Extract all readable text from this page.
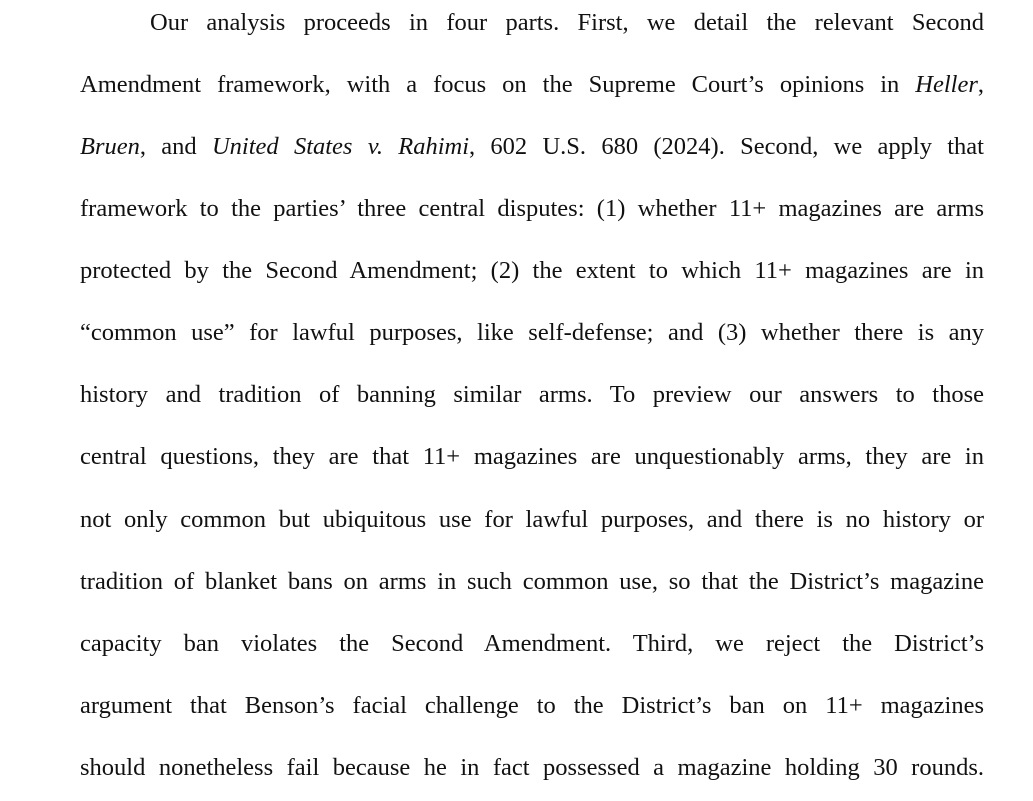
Our analysis proceeds in four parts. First, we detail the relevant Second
Amendment framework, with a focus on the Supreme Court’s opinions in Heller,
Bruen, and United States v. Rahimi, 602 U.S. 680 (2024). Second, we apply that
framework to the parties’ three central disputes: (1) whether 11+ magazines are arms
protected by the Second Amendment; (2) the extent to which 11+ magazines are in
“common use” for lawful purposes, like self-defense; and (3) whether there is any
history and tradition of banning similar arms. To preview our answers to those
central questions, they are that 11+ magazines are unquestionably arms, they are in
not only common but ubiquitous use for lawful purposes, and there is no history or
tradition of blanket bans on arms in such common use, so that the District’s magazine
capacity ban violates the Second Amendment. Third, we reject the District’s
argument that Benson’s facial challenge to the District’s ban on 11+ magazines
should nonetheless fail because he in fact possessed a magazine holding 30 rounds.
